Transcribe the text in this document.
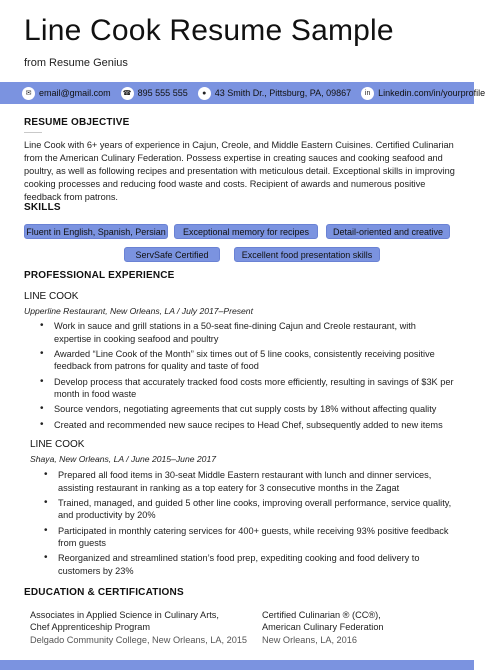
Line Cook Resume Sample
from Resume Genius
✉ email@gmail.com	☎ 895 555 555	● 43 Smith Dr., Pittsburg, PA, 09867	in Linkedin.com/in/yourprofile
RESUME OBJECTIVE

Line Cook with 6+ years of experience in Cajun, Creole, and Middle Eastern Cuisines. Certified Culinarian from the American Culinary Federation. Possess expertise in creating sauces and cooking seafood and poultry, as well as following recipes and presentation with meticulous detail. Exceptional skills in improving cooking processes and reducing food waste and costs. Recipient of awards and numerous positive feedback from patrons.

SKILLS
Fluent in English, Spanish, Persian	Exceptional memory for recipes	Detail-oriented and creative
ServSafe Certified	Excellent food presentation skills
PROFESSIONAL EXPERIENCE
LINE COOK
Upperline Restaurant, New Orleans, LA / July 2017–Present
• Work in sauce and grill stations in a 50-seat fine-dining Cajun and Creole restaurant, with expertise in cooking seafood and poultry
• Awarded “Line Cook of the Month” six times out of 5 line cooks, consistently receiving positive feedback from patrons for quality and taste of food
• Develop process that accurately tracked food costs more efficiently, resulting in savings of $3K per month in food waste
• Source vendors, negotiating agreements that cut supply costs by 18% without affecting quality
• Created and recommended new sauce recipes to Head Chef, subsequently added to new items
LINE COOK
Shaya, New Orleans, LA / June 2015–June 2017
• Prepared all food items in 30-seat Middle Eastern restaurant with lunch and dinner services, assisting restaurant in ranking as a top eatery for 3 consecutive months in the Zagat
• Trained, managed, and guided 5 other line cooks, improving overall performance, service quality, and productivity by 20%
• Participated in monthly catering services for 400+ guests, while receiving 93% positive feedback from guests
• Reorganized and streamlined station’s food prep, expediting cooking and food delivery to customers by 23%
EDUCATION & CERTIFICATIONS
Associates in Applied Science in Culinary Arts,
Chef Apprenticeship Program
Delgado Community College, New Orleans, LA, 2015
Certified Culinarian ® (CC®),
American Culinary Federation
New Orleans, LA, 2016
